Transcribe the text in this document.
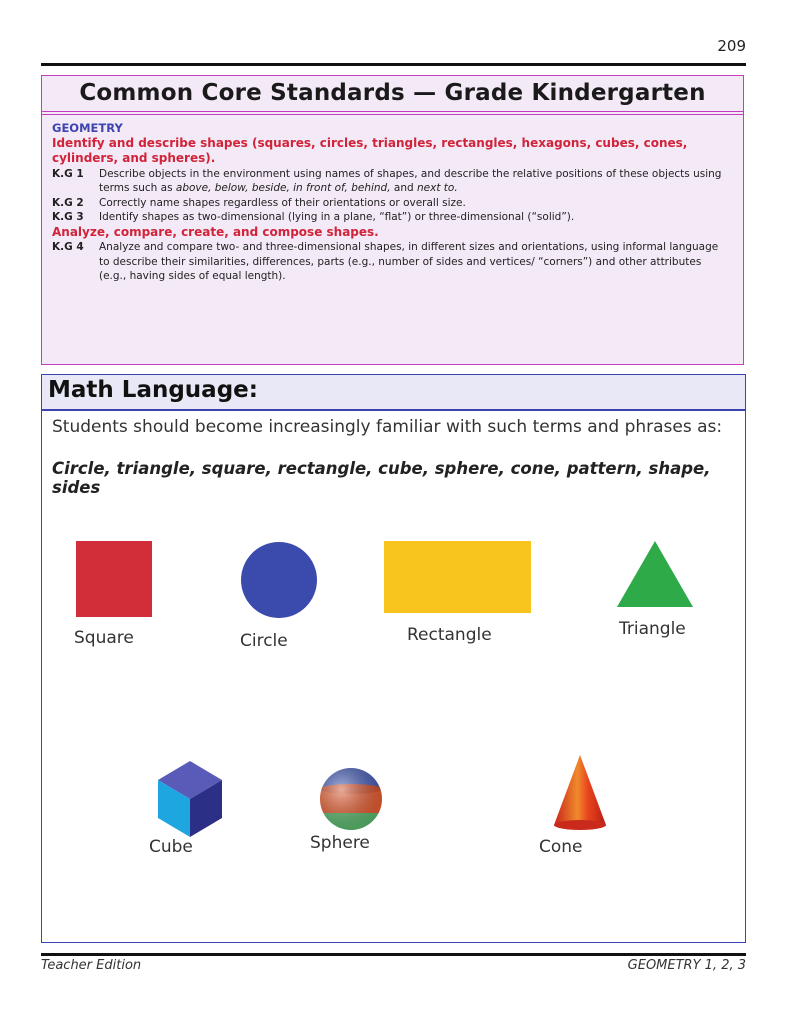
209
Common Core Standards — Grade Kindergarten
GEOMETRY
Identify and describe shapes (squares, circles, triangles, rectangles, hexagons, cubes, cones, cylinders, and spheres).
K.G 1	Describe objects in the environment using names of shapes, and describe the relative positions of these objects using terms such as above, below, beside, in front of, behind, and next to.
K.G 2	Correctly name shapes regardless of their orientations or overall size.
K.G 3	Identify shapes as two-dimensional (lying in a plane, “flat”) or three-dimensional (“solid”).
Analyze, compare, create, and compose shapes.
K.G 4	Analyze and compare two- and three-dimensional shapes, in different sizes and orientations, using informal language to describe their similarities, differences, parts (e.g., number of sides and vertices/ “corners”) and other attributes (e.g., having sides of equal length).
Math Language:
Students should become increasingly familiar with such terms and phrases as:
Circle, triangle, square, rectangle, cube, sphere, cone, pattern, shape, sides
Square	Circle	Rectangle	Triangle
Cube	Sphere	Cone
Teacher Edition	GEOMETRY 1, 2, 3
